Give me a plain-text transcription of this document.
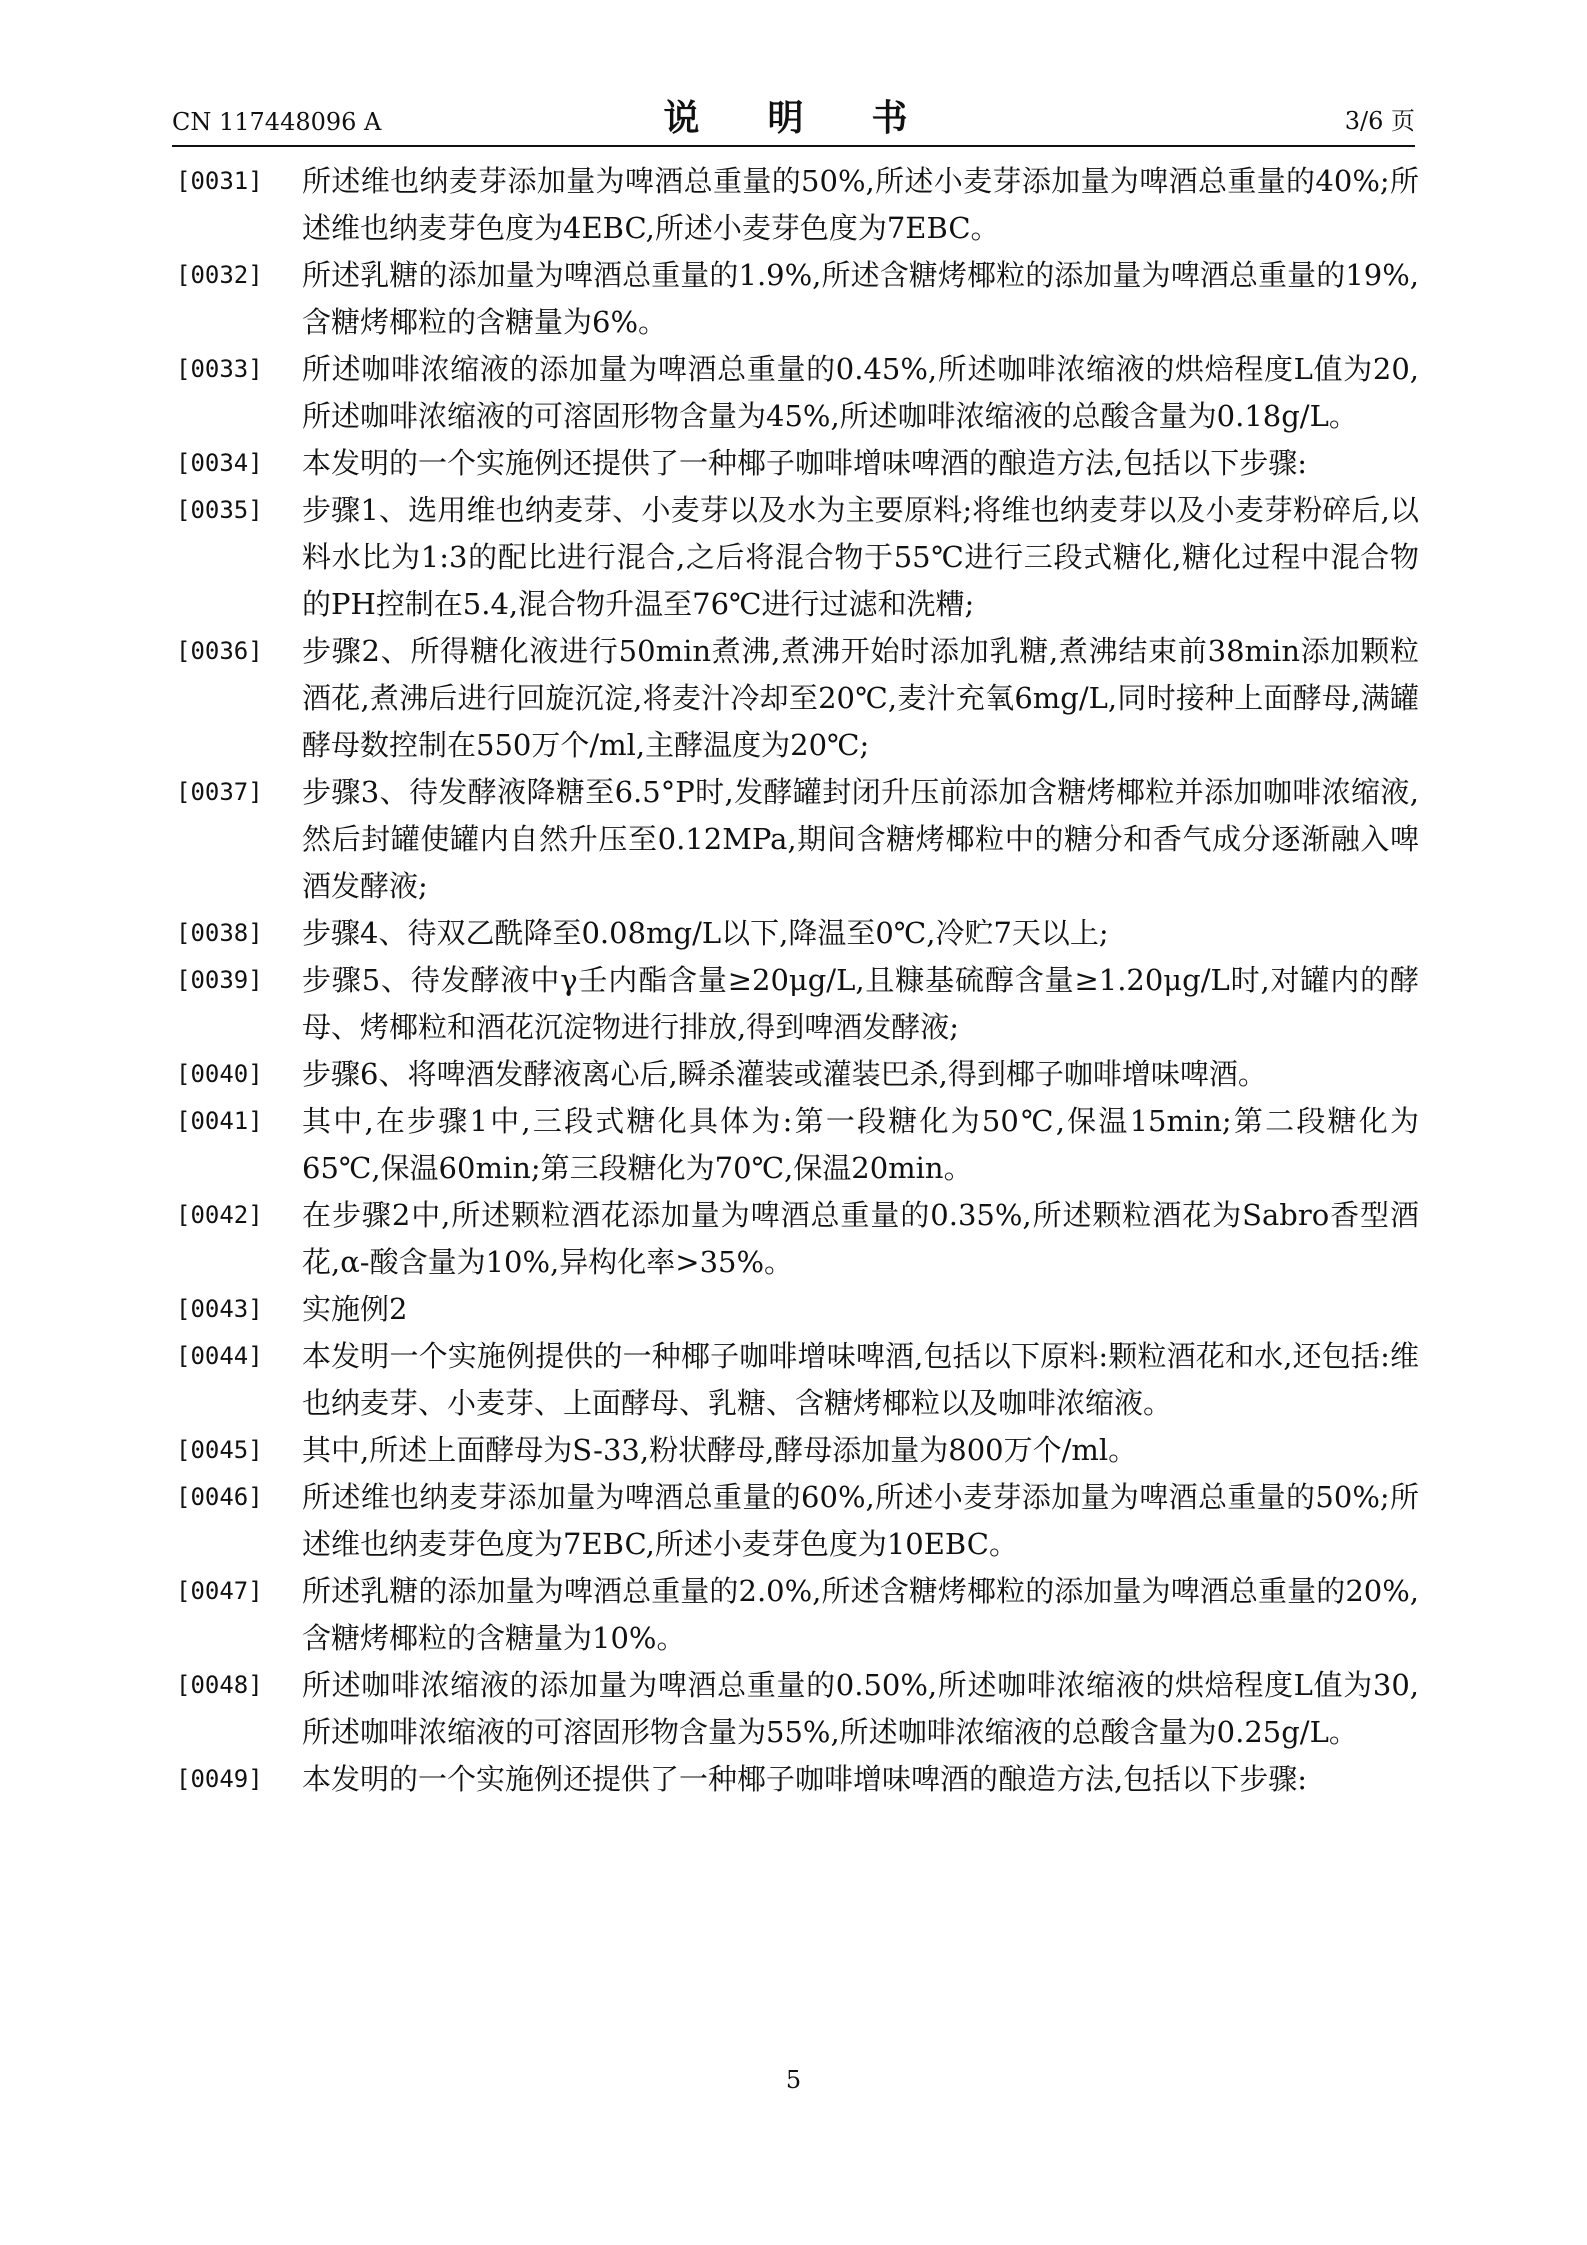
CN 117448096 A	说　明　书	3/6 页
[0031] 所述维也纳麦芽添加量为啤酒总重量的50%,所述小麦芽添加量为啤酒总重量的40%;所述维也纳麦芽色度为4EBC,所述小麦芽色度为7EBC。
[0032] 所述乳糖的添加量为啤酒总重量的1.9%,所述含糖烤椰粒的添加量为啤酒总重量的19%,含糖烤椰粒的含糖量为6%。
[0033] 所述咖啡浓缩液的添加量为啤酒总重量的0.45%,所述咖啡浓缩液的烘焙程度L值为20,所述咖啡浓缩液的可溶固形物含量为45%,所述咖啡浓缩液的总酸含量为0.18g/L。
[0034] 本发明的一个实施例还提供了一种椰子咖啡增味啤酒的酿造方法,包括以下步骤:
[0035] 步骤1、选用维也纳麦芽、小麦芽以及水为主要原料;将维也纳麦芽以及小麦芽粉碎后,以料水比为1:3的配比进行混合,之后将混合物于55℃进行三段式糖化,糖化过程中混合物的PH控制在5.4,混合物升温至76℃进行过滤和洗糟;
[0036] 步骤2、所得糖化液进行50min煮沸,煮沸开始时添加乳糖,煮沸结束前38min添加颗粒酒花,煮沸后进行回旋沉淀,将麦汁冷却至20℃,麦汁充氧6mg/L,同时接种上面酵母,满罐酵母数控制在550万个/ml,主酵温度为20℃;
[0037] 步骤3、待发酵液降糖至6.5°P时,发酵罐封闭升压前添加含糖烤椰粒并添加咖啡浓缩液,然后封罐使罐内自然升压至0.12MPa,期间含糖烤椰粒中的糖分和香气成分逐渐融入啤酒发酵液;
[0038] 步骤4、待双乙酰降至0.08mg/L以下,降温至0℃,冷贮7天以上;
[0039] 步骤5、待发酵液中γ壬内酯含量≥20μg/L,且糠基硫醇含量≥1.20μg/L时,对罐内的酵母、烤椰粒和酒花沉淀物进行排放,得到啤酒发酵液;
[0040] 步骤6、将啤酒发酵液离心后,瞬杀灌装或灌装巴杀,得到椰子咖啡增味啤酒。
[0041] 其中,在步骤1中,三段式糖化具体为:第一段糖化为50℃,保温15min;第二段糖化为65℃,保温60min;第三段糖化为70℃,保温20min。
[0042] 在步骤2中,所述颗粒酒花添加量为啤酒总重量的0.35%,所述颗粒酒花为Sabro香型酒花,α-酸含量为10%,异构化率>35%。
[0043] 实施例2
[0044] 本发明一个实施例提供的一种椰子咖啡增味啤酒,包括以下原料:颗粒酒花和水,还包括:维也纳麦芽、小麦芽、上面酵母、乳糖、含糖烤椰粒以及咖啡浓缩液。
[0045] 其中,所述上面酵母为S-33,粉状酵母,酵母添加量为800万个/ml。
[0046] 所述维也纳麦芽添加量为啤酒总重量的60%,所述小麦芽添加量为啤酒总重量的50%;所述维也纳麦芽色度为7EBC,所述小麦芽色度为10EBC。
[0047] 所述乳糖的添加量为啤酒总重量的2.0%,所述含糖烤椰粒的添加量为啤酒总重量的20%,含糖烤椰粒的含糖量为10%。
[0048] 所述咖啡浓缩液的添加量为啤酒总重量的0.50%,所述咖啡浓缩液的烘焙程度L值为30,所述咖啡浓缩液的可溶固形物含量为55%,所述咖啡浓缩液的总酸含量为0.25g/L。
[0049] 本发明的一个实施例还提供了一种椰子咖啡增味啤酒的酿造方法,包括以下步骤:
5
